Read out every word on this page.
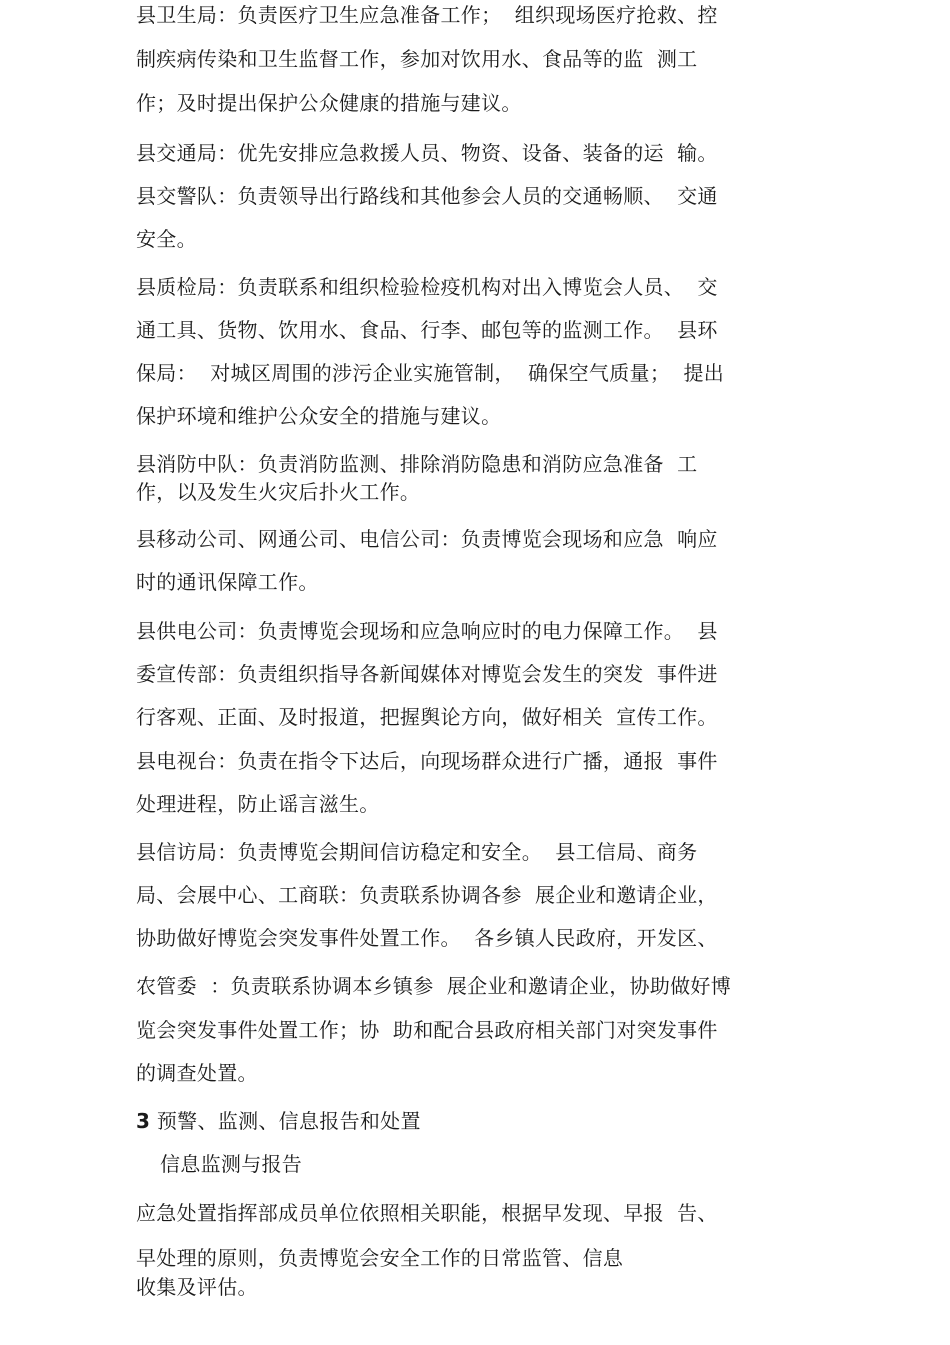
县卫生局：负责医疗卫生应急准备工作；  组织现场医疗抢救、控
制疾病传染和卫生监督工作，参加对饮用水、食品等的监  测工
作；及时提出保护公众健康的措施与建议。
县交通局：优先安排应急救援人员、物资、设备、装备的运  输。
县交警队：负责领导出行路线和其他参会人员的交通畅顺、  交通
安全。
县质检局：负责联系和组织检验检疫机构对出入博览会人员、  交
通工具、货物、饮用水、食品、行李、邮包等的监测工作。  县环
保局：  对城区周围的涉污企业实施管制，  确保空气质量；  提出
保护环境和维护公众安全的措施与建议。
县消防中队：负责消防监测、排除消防隐患和消防应急准备  工
作，以及发生火灾后扑火工作。
县移动公司、网通公司、电信公司：负责博览会现场和应急  响应
时的通讯保障工作。
县供电公司：负责博览会现场和应急响应时的电力保障工作。  县
委宣传部：负责组织指导各新闻媒体对博览会发生的突发  事件进
行客观、正面、及时报道，把握舆论方向，做好相关  宣传工作。
县电视台：负责在指令下达后，向现场群众进行广播，通报  事件
处理进程，防止谣言滋生。
县信访局：负责博览会期间信访稳定和安全。  县工信局、商务
局、会展中心、工商联：负责联系协调各参  展企业和邀请企业，
协助做好博览会突发事件处置工作。  各乡镇人民政府，开发区、
农管委  ：负责联系协调本乡镇参  展企业和邀请企业，协助做好博
览会突发事件处置工作；协  助和配合县政府相关部门对突发事件
的调查处置。
3 预警、监测、信息报告和处置
信息监测与报告
应急处置指挥部成员单位依照相关职能，根据早发现、早报  告、
早处理的原则，负责博览会安全工作的日常监管、信息
收集及评估。
